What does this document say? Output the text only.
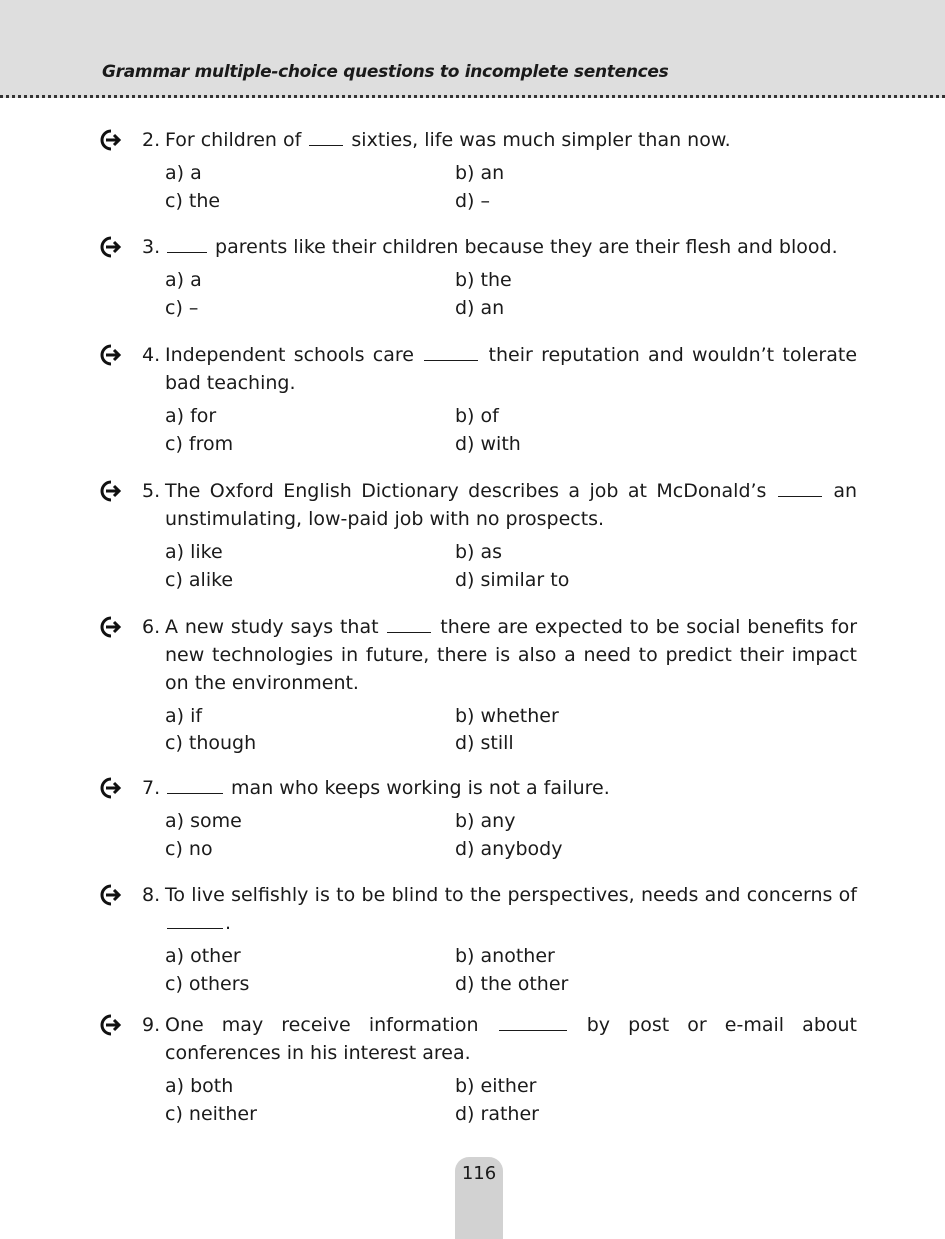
Grammar multiple-choice questions to incomplete sentences
2. For children of	sixties, life was much simpler than now.
a) a	b) an
c) the	d) –
3.	parents like their children because they are their flesh and blood.
a) a	b) the
c) –	d) an
4. Independent schools care	their reputation and wouldn’t tolerate bad teaching.
a) for	b) of
c) from	d) with
5. The Oxford English Dictionary describes a job at McDonald’s	an unstimulating, low-paid job with no prospects.
a) like	b) as
c) alike	d) similar to
6. A new study says that	there are expected to be social benefits for new technologies in future, there is also a need to predict their impact on the environment.
a) if	b) whether
c) though	d) still
7.	man who keeps working is not a failure.
a) some	b) any
c) no	d) anybody
8. To live selfishly is to be blind to the perspectives, needs and concerns of .
a) other	b) another
c) others	d) the other
9. One may receive information	by post or e-mail about conferences in his interest area.
a) both	b) either
c) neither	d) rather
116
